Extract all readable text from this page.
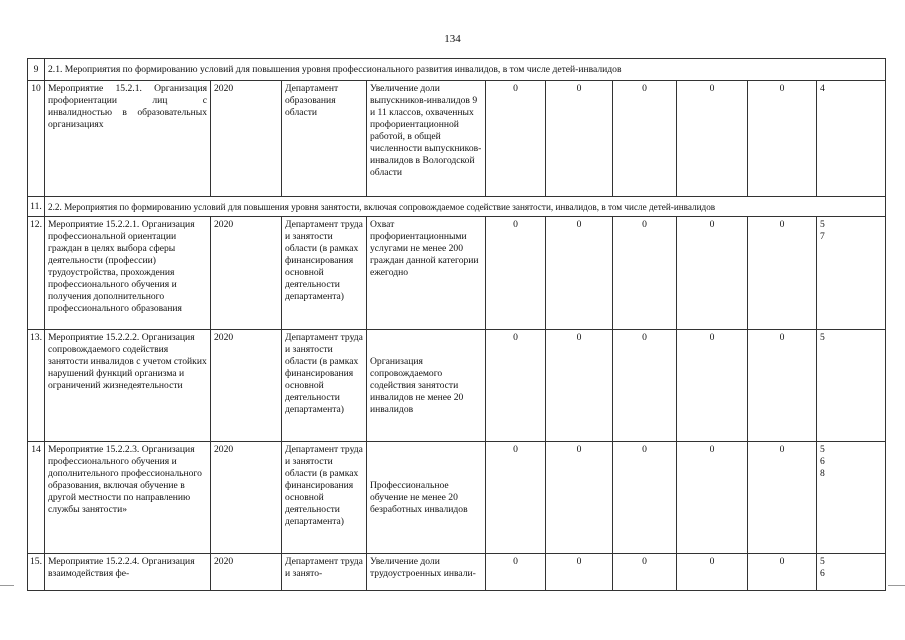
134
9	2.1. Мероприятия по формированию условий для повышения уровня профессионального развития инвалидов, в том числе детей-инвалидов									
10	Мероприятие 15.2.1. Организация профориентации лиц с инвалидностью в образовательных организациях	2020	Департамент образования области	Увеличение доли выпускников-инвалидов 9 и 11 классов, охваченных профориентационной работой, в общей численности выпускников-инвалидов в Вологодской области	0	0	0	0	0	4
11.	2.2. Мероприятия по формированию условий для повышения уровня занятости, включая сопровождаемое содействие занятости, инвалидов, в том числе детей-инвалидов									
12.	Мероприятие 15.2.2.1. Организация профессиональной ориентации граждан в целях выбора сферы деятельности (профессии) трудоустройства, прохождения профессионального обучения и получения дополнительного профессионального образования	2020	Департамент труда и занятости области (в рамках финансирования основной деятельности департамента)	Охват профориентационными услугами не менее 200 граждан данной категории ежегодно	0	0	0	0	0	5
7
13.	Мероприятие 15.2.2.2. Организация сопровождаемого содействия занятости инвалидов с учетом стойких нарушений функций организма и ограничений жизнедеятельности	2020	Департамент труда и занятости области (в рамках финансирования основной деятельности департамента)	Организация сопровождаемого содействия занятости инвалидов не менее 20 инвалидов	0	0	0	0	0	5
14	Мероприятие 15.2.2.3. Организация профессионального обучения и дополнительного профессионального образования, включая обучение в другой местности по направлению службы занятости»	2020	Департамент труда и занятости области (в рамках финансирования основной деятельности департамента)	Профессиональное обучение не менее 20 безработных инвалидов	0	0	0	0	0	5
6
8
15.	Мероприятие 15.2.2.4. Организация взаимодействия фе-	2020	Департамент труда и занято-	Увеличение доли трудоустроенных инвали-	0	0	0	0	0	5
6
